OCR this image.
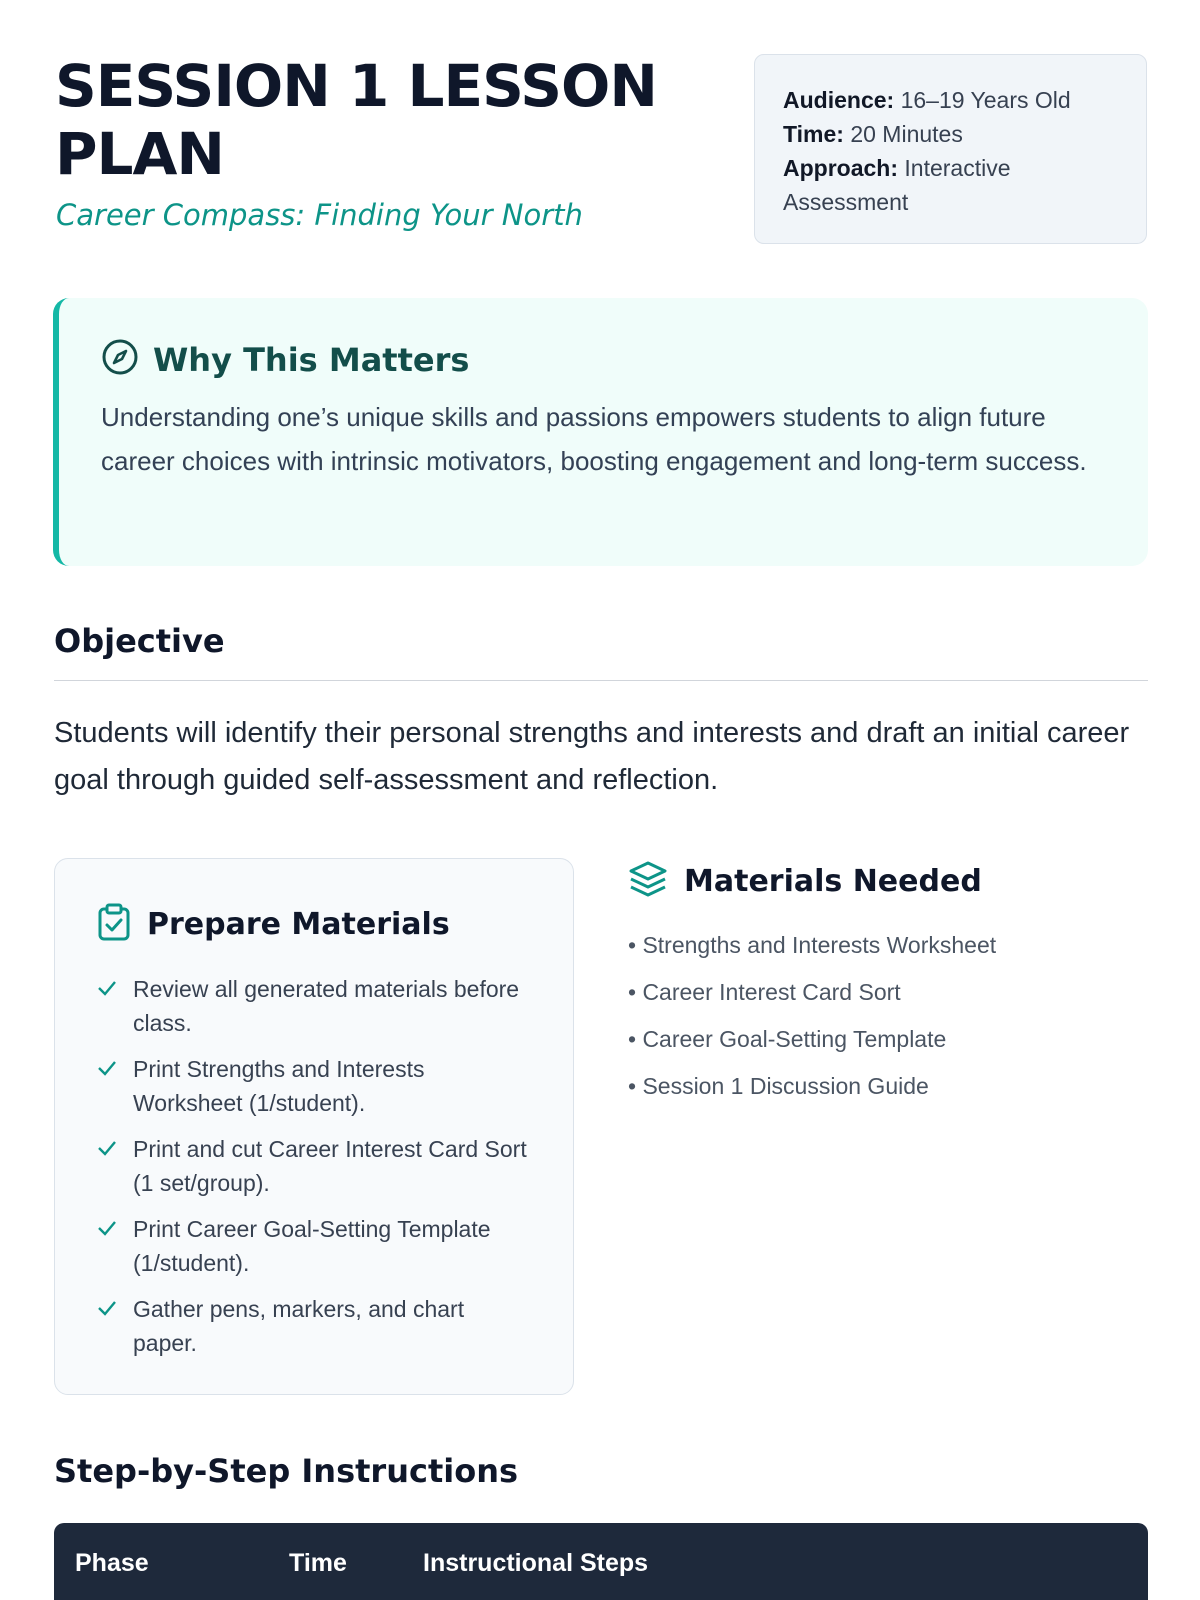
SESSION 1 LESSON PLAN
Career Compass: Finding Your North
Audience: 16–19 Years Old
Time: 20 Minutes
Approach: Interactive Assessment
Why This Matters

Understanding one’s unique skills and passions empowers students to align future career choices with intrinsic motivators, boosting engagement and long-term success.

Objective

Students will identify their personal strengths and interests and draft an initial career goal through guided self-assessment and reflection.

Prepare Materials
Review all generated materials before class.
Print Strengths and Interests Worksheet (1/student).
Print and cut Career Interest Card Sort (1 set/group).
Print Career Goal-Setting Template (1/student).
Gather pens, markers, and chart paper.
Materials Needed
• Strengths and Interests Worksheet
• Career Interest Card Sort
• Career Goal-Setting Template
• Session 1 Discussion Guide
Step-by-Step Instructions
Phase	Time	Instructional Steps
